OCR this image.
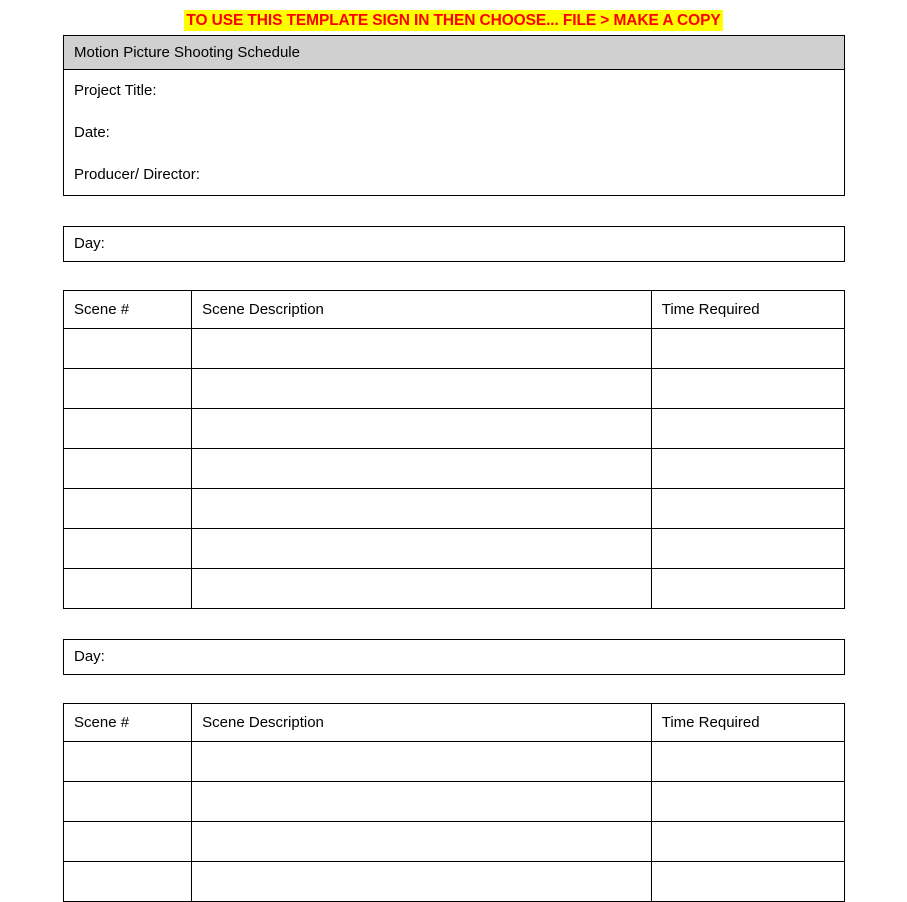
TO USE THIS TEMPLATE SIGN IN THEN CHOOSE... FILE > MAKE A COPY
Motion Picture Shooting Schedule
Project Title:
Date:
Producer/ Director:
Day:
Scene #	Scene Description	Time Required

Day:
Scene #	Scene Description	Time Required
